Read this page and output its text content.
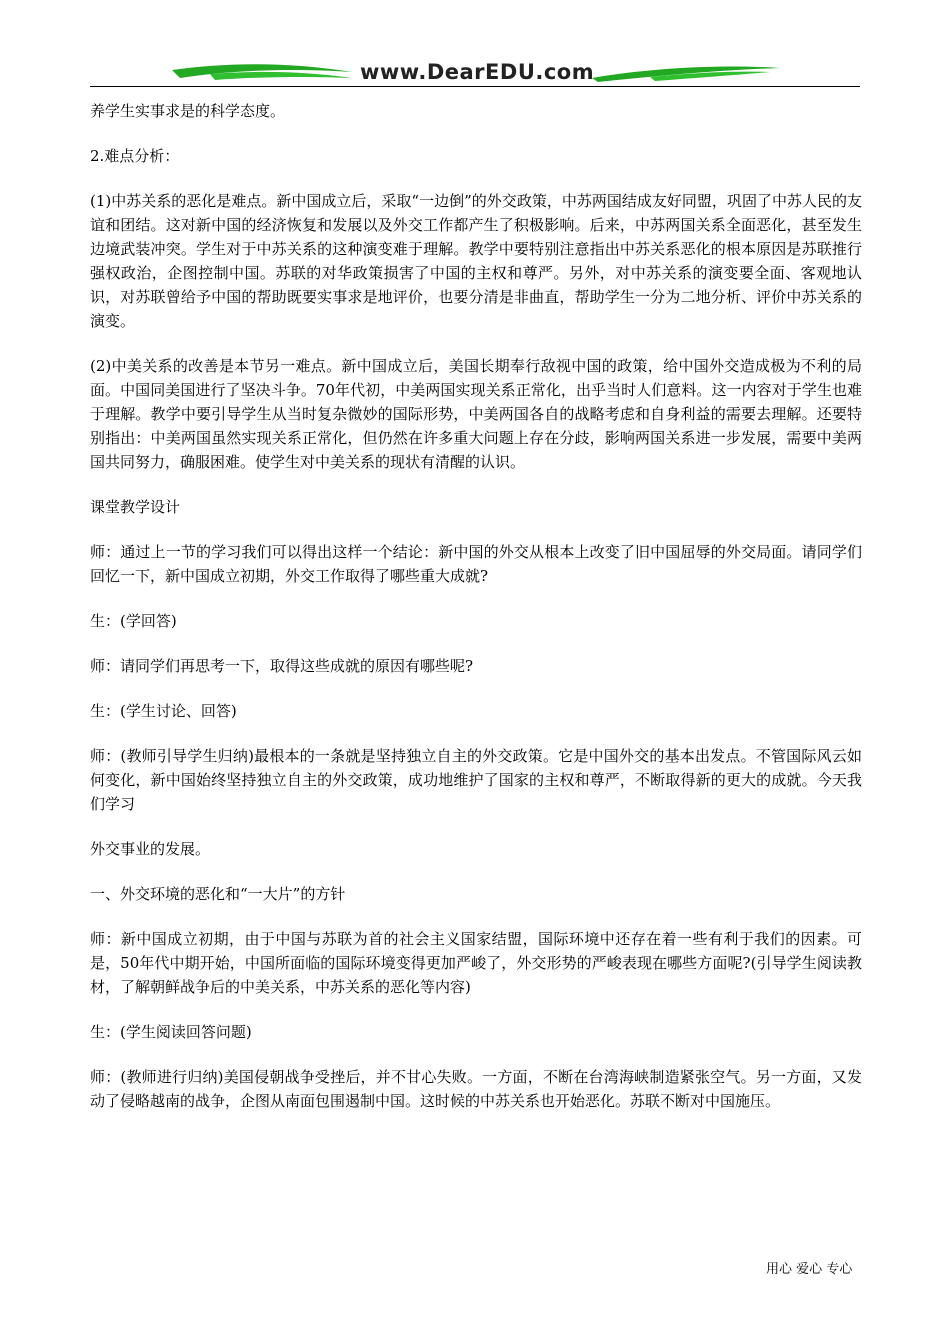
www.DearEDU.com

养学生实事求是的科学态度。

2.难点分析：

(1)中苏关系的恶化是难点。新中国成立后，采取“一边倒”的外交政策，中苏两国结成友好同盟，巩固了中苏人民的友谊和团结。这对新中国的经济恢复和发展以及外交工作都产生了积极影响。后来，中苏两国关系全面恶化，甚至发生边境武装冲突。学生对于中苏关系的这种演变难于理解。教学中要特别注意指出中苏关系恶化的根本原因是苏联推行强权政治，企图控制中国。苏联的对华政策损害了中国的主权和尊严。另外，对中苏关系的演变要全面、客观地认识，对苏联曾给予中国的帮助既要实事求是地评价，也要分清是非曲直，帮助学生一分为二地分析、评价中苏关系的演变。

(2)中美关系的改善是本节另一难点。新中国成立后，美国长期奉行敌视中国的政策，给中国外交造成极为不利的局面。中国同美国进行了坚决斗争。70年代初，中美两国实现关系正常化，出乎当时人们意料。这一内容对于学生也难于理解。教学中要引导学生从当时复杂微妙的国际形势，中美两国各自的战略考虑和自身利益的需要去理解。还要特别指出：中美两国虽然实现关系正常化，但仍然在许多重大问题上存在分歧，影响两国关系进一步发展，需要中美两国共同努力，确服困难。使学生对中美关系的现状有清醒的认识。

课堂教学设计

师：通过上一节的学习我们可以得出这样一个结论：新中国的外交从根本上改变了旧中国屈辱的外交局面。请同学们回忆一下，新中国成立初期，外交工作取得了哪些重大成就?

生：(学回答)

师：请同学们再思考一下，取得这些成就的原因有哪些呢?

生：(学生讨论、回答)

师：(教师引导学生归纳)最根本的一条就是坚持独立自主的外交政策。它是中国外交的基本出发点。不管国际风云如何变化，新中国始终坚持独立自主的外交政策，成功地维护了国家的主权和尊严，不断取得新的更大的成就。今天我们学习

外交事业的发展。

一、外交环境的恶化和“一大片”的方针

师：新中国成立初期，由于中国与苏联为首的社会主义国家结盟，国际环境中还存在着一些有利于我们的因素。可是，50年代中期开始，中国所面临的国际环境变得更加严峻了，外交形势的严峻表现在哪些方面呢?(引导学生阅读教材，了解朝鲜战争后的中美关系，中苏关系的恶化等内容)

生：(学生阅读回答问题)

师：(教师进行归纳)美国侵朝战争受挫后，并不甘心失败。一方面，不断在台湾海峡制造紧张空气。另一方面，又发动了侵略越南的战争，企图从南面包围遏制中国。这时候的中苏关系也开始恶化。苏联不断对中国施压。

用心 爱心 专心
